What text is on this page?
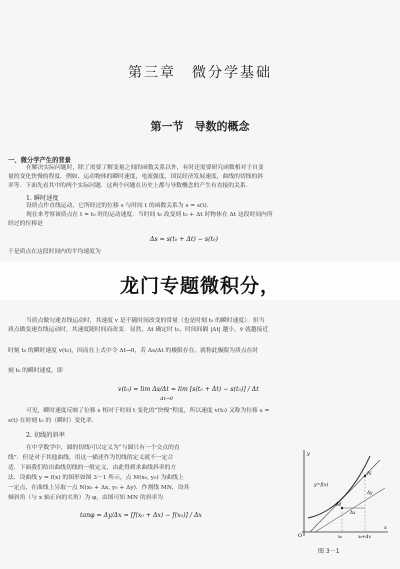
第三章　微分学基础
第一节　导数的概念
一、微分学产生的背景
在解决实际问题时，除了需要了解变量之间的函数关系以外，有时还需要研究函数相对于自变
量的变化快慢的程度．例如，运动物体的瞬时速度，电流强度，国民经济发展速度，曲线的切线的斜
率等．下面先看其中的两个实际问题．这两个问题在历史上都与导数概念的产生有直接的关系．
1. 瞬时速度
设质点作直线运动，它所经过的位移 s 与时间 t 的函数关系为 s = s(t)．
现在来考察该质点在 t = t₀ 时的运动速度．当时间 t₀ 改变到 t₀ + Δt 时物体在 Δt 这段时间内所
经过的位移是
Δs = s(t₀ + Δt) − s(t₀)
于是质点在这段时间内的平均速度为
龙门专题微积分，
当质点做匀速直线运动时，其速度 v 是不随时间改变的常量（也是时刻 t₀ 的瞬时速度）．但当
质点做变速直线运动时，其速度随时间而改变．显然，Δt 确定时 t₀，时间间隔 |Δt| 越小，v̄ 就越接近
时刻 t₀ 的瞬时速度 v(t₀)，因而在上式中令 Δt→0，若 Δs/Δt 的极限存在，就称此极限为质点在时
刻 t₀ 的瞬时速度，即
v(t₀) = lim Δs/Δt = lim [s(t₀ + Δt) − s(t₀)] / Δt
Δt→0
可见，瞬时速度反映了位移 s 相对于时间 t 变化的“快慢”程度，所以速度 v(t₀) 又称为位移 s =
s(t) 在时刻 t₀ 的（瞬时）变化率．
2. 切线的斜率
在中学数学中，圆的切线可以定义为“与圆只有一个交点的直
线”．但是对于其他曲线，用这一描述作为切线的定义就不一定合
适．下面我们给出曲线切线的一般定义，由此得到求曲线斜率的方
法．设曲线 y = f(x) 的图形如图 3－1 所示，点 M(x₀, y₀) 为曲线上
一定点，在曲线上另取一点 N(x₀ + Δx, y₀ + Δy)．作割线 MN，设其
倾斜角（与 x 轴正向的夹角）为 φ，由图可知 MN 的斜率为
tanφ = Δy/Δx = [f(x₀ + Δx) − f(x₀)] / Δx
y
x
O
y=f(x)
M
N
x₀	x₀+Δx
Δx
Δy
图 3－1
